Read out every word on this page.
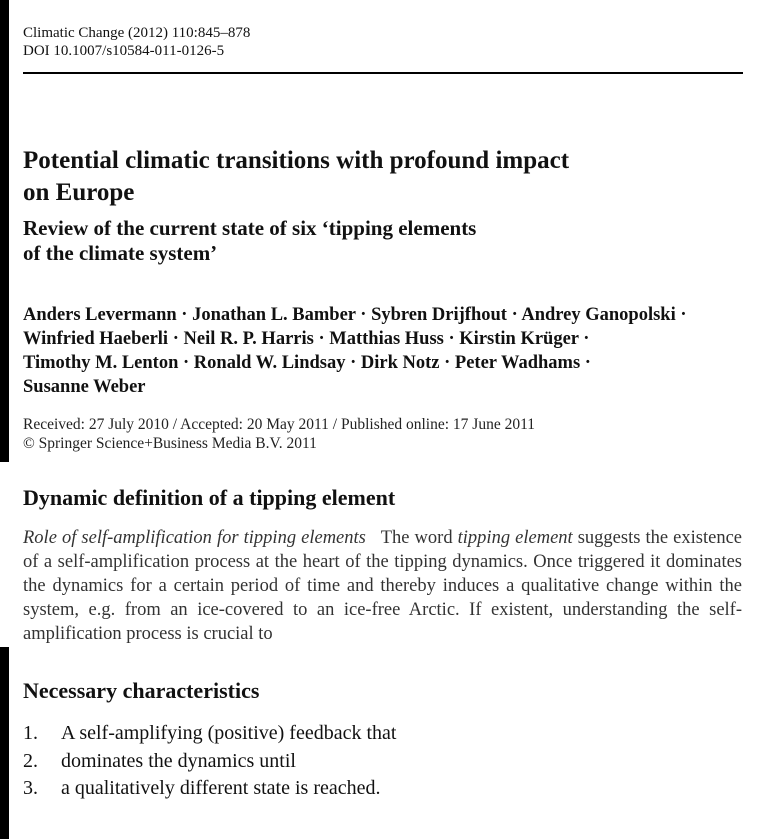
Climatic Change (2012) 110:845–878
DOI 10.1007/s10584-011-0126-5
Potential climatic transitions with profound impact
on Europe
Review of the current state of six ‘tipping elements
of the climate system’
Anders Levermann · Jonathan L. Bamber · Sybren Drijfhout · Andrey Ganopolski ·
Winfried Haeberli · Neil R. P. Harris · Matthias Huss · Kirstin Krüger ·
Timothy M. Lenton · Ronald W. Lindsay · Dirk Notz · Peter Wadhams ·
Susanne Weber
Received: 27 July 2010 / Accepted: 20 May 2011 / Published online: 17 June 2011
© Springer Science+Business Media B.V. 2011
Dynamic definition of a tipping element
Role of self-amplification for tipping elements The word tipping element suggests the existence of a self-amplification process at the heart of the tipping dynamics. Once triggered it dominates the dynamics for a certain period of time and thereby induces a qualitative change within the system, e.g. from an ice-covered to an ice-free Arctic. If existent, understanding the self-amplification process is crucial to
Necessary characteristics
1.	A self-amplifying (positive) feedback that
2.	dominates the dynamics until
3.	a qualitatively different state is reached.
